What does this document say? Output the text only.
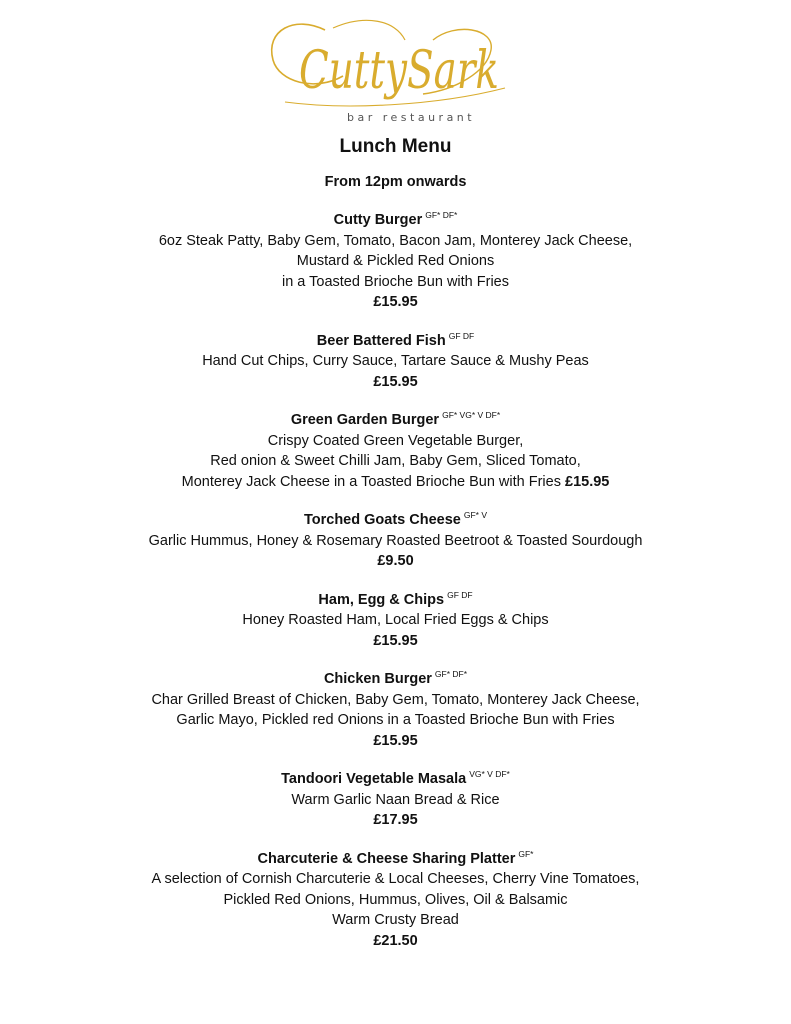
CuttySark
bar restaurant
Lunch Menu
From 12pm onwards
Cutty Burger $^{GF* DF*}$
6oz Steak Patty, Baby Gem, Tomato, Bacon Jam, Monterey Jack Cheese,
Mustard & Pickled Red Onions
in a Toasted Brioche Bun with Fries
£15.95
Beer Battered Fish $^{GF DF}$
Hand Cut Chips, Curry Sauce, Tartare Sauce & Mushy Peas
£15.95
Green Garden Burger $^{GF* VG* V DF*}$
Crispy Coated Green Vegetable Burger,
Red onion & Sweet Chilli Jam, Baby Gem, Sliced Tomato,
Monterey Jack Cheese in a Toasted Brioche Bun with Fries £15.95
Torched Goats Cheese $^{GF* V}$
Garlic Hummus, Honey & Rosemary Roasted Beetroot & Toasted Sourdough
£9.50
Ham, Egg & Chips $^{GF DF}$
Honey Roasted Ham, Local Fried Eggs & Chips
£15.95
Chicken Burger $^{GF* DF*}$
Char Grilled Breast of Chicken, Baby Gem, Tomato, Monterey Jack Cheese,
Garlic Mayo, Pickled red Onions in a Toasted Brioche Bun with Fries
£15.95
Tandoori Vegetable Masala $^{VG* V DF*}$
Warm Garlic Naan Bread & Rice
£17.95
Charcuterie & Cheese Sharing Platter $^{GF*}$
A selection of Cornish Charcuterie & Local Cheeses, Cherry Vine Tomatoes,
Pickled Red Onions, Hummus, Olives, Oil & Balsamic
Warm Crusty Bread
£21.50
